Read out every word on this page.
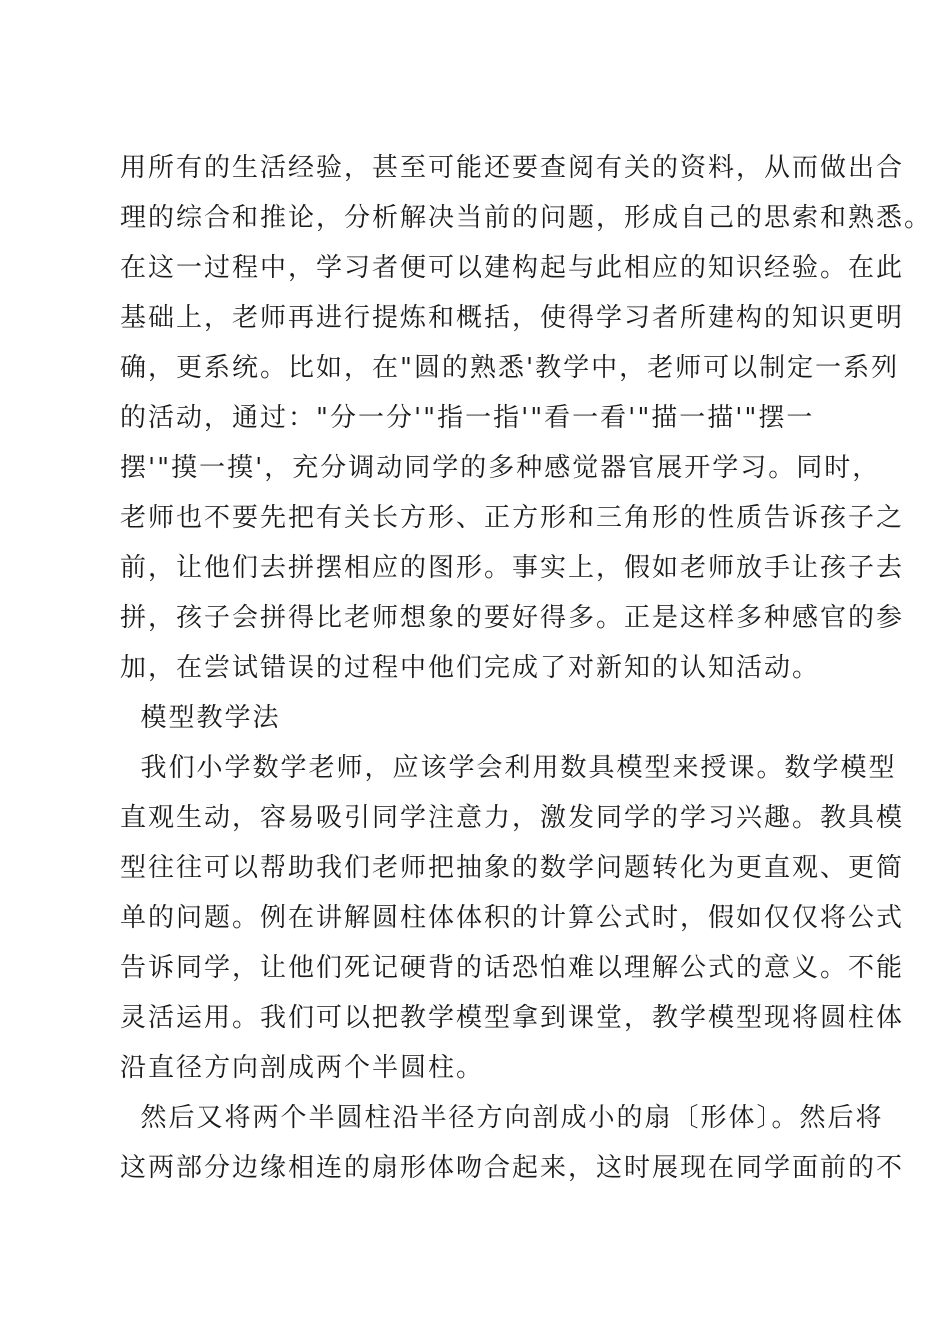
用所有的生活经验，甚至可能还要查阅有关的资料，从而做出合
理的综合和推论，分析解决当前的问题，形成自己的思索和熟悉。
在这一过程中，学习者便可以建构起与此相应的知识经验。在此
基础上，老师再进行提炼和概括，使得学习者所建构的知识更明
确，更系统。比如，在"圆的熟悉'教学中，老师可以制定一系列
的活动，通过："分一分'"指一指'"看一看'"描一描'"摆一
摆'"摸一摸'，充分调动同学的多种感觉器官展开学习。同时，
老师也不要先把有关长方形、正方形和三角形的性质告诉孩子之
前，让他们去拼摆相应的图形。事实上，假如老师放手让孩子去
拼，孩子会拼得比老师想象的要好得多。正是这样多种感官的参
加，在尝试错误的过程中他们完成了对新知的认知活动。
模型教学法
我们小学数学老师，应该学会利用数具模型来授课。数学模型
直观生动，容易吸引同学注意力，激发同学的学习兴趣。教具模
型往往可以帮助我们老师把抽象的数学问题转化为更直观、更简
单的问题。例在讲解圆柱体体积的计算公式时，假如仅仅将公式
告诉同学，让他们死记硬背的话恐怕难以理解公式的意义。不能
灵活运用。我们可以把教学模型拿到课堂，教学模型现将圆柱体
沿直径方向剖成两个半圆柱。
然后又将两个半圆柱沿半径方向剖成小的扇〔形体〕。然后将
这两部分边缘相连的扇形体吻合起来，这时展现在同学面前的不
